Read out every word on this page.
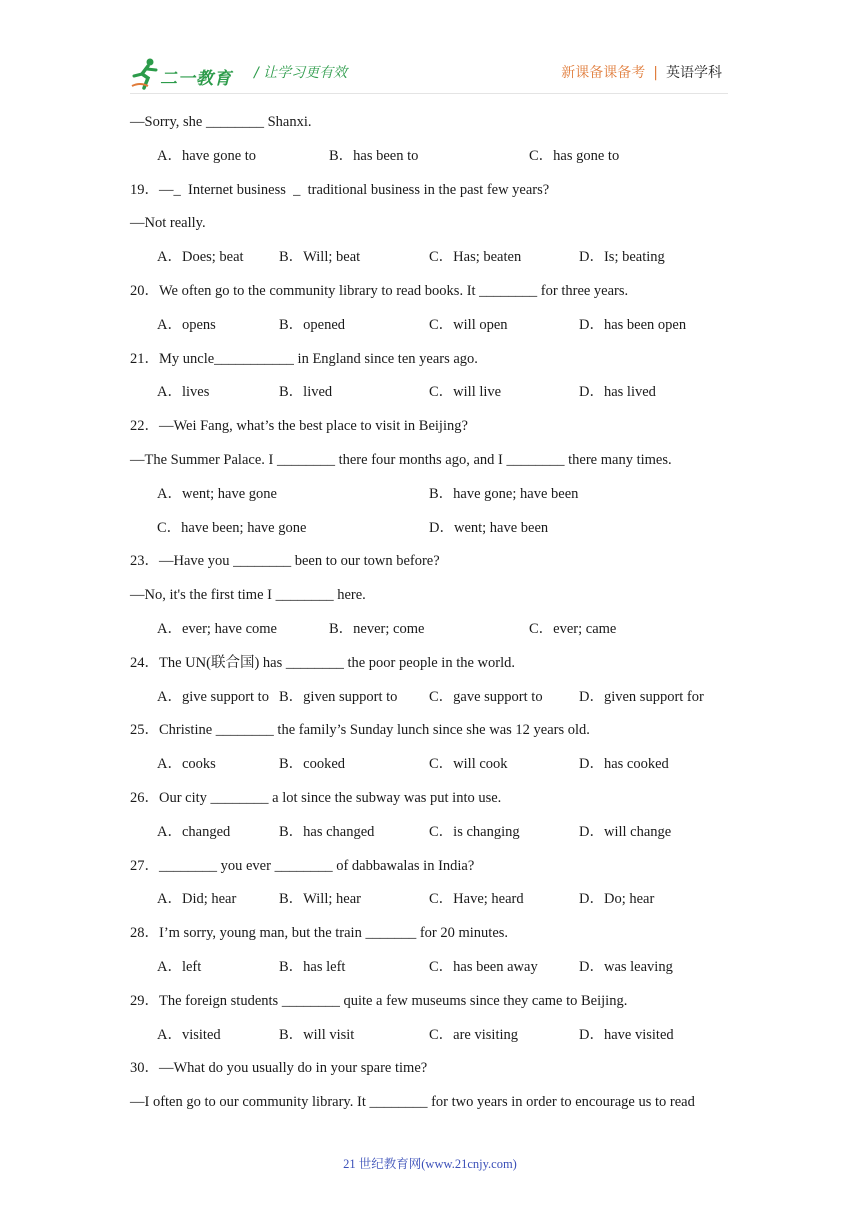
二一教育 / 让学习更有效	新课备课备考 | 英语学科
21 世纪教育网(www.21cnjy.com)
—Sorry, she ________ Shanxi.
A．have gone to	B．has been to	C．has gone to
19．—_  Internet business  _  traditional business in the past few years?
—Not really.
A．Does; beat B．Will; beat	C．Has; beaten	D．Is; beating
20．We often go to the community library to read books. It ________ for three years.
A．opens	B．opened	C．will open	D．has been open
21．My uncle___________ in England since ten years ago.
A．lives	B．lived	C．will live	D．has lived
22．—Wei Fang, what’s the best place to visit in Beijing?
—The Summer Palace. I ________ there four months ago, and I ________ there many times.
A．went; have gone	B．have gone; have been
C．have been; have gone	D．went; have been
23．—Have you ________ been to our town before?
—No, it's the first time I ________ here.
A．ever; have come	B．never; come	C．ever; came
24．The UN(联合国) has ________ the poor people in the world.
A．give support to B．given support to C．gave support to	D．given support for
25．Christine ________ the family’s Sunday lunch since she was 12 years old.
A．cooks	B．cooked	C．will cook	D．has cooked
26．Our city ________ a lot since the subway was put into use.
A．changed	B．has changed	C．is changing	D．will change
27．________ you ever ________ of dabbawalas in India?
A．Did; hear	B．Will; hear	C．Have; heard	D．Do; hear
28．I’m sorry, young man, but the train _______ for 20 minutes.
A．left	B．has left	C．has been away	D．was leaving
29．The foreign students ________ quite a few museums since they came to Beijing.
A．visited	B．will visit	C．are visiting	D．have visited
30．—What do you usually do in your spare time?
—I often go to our community library. It ________ for two years in order to encourage us to read
